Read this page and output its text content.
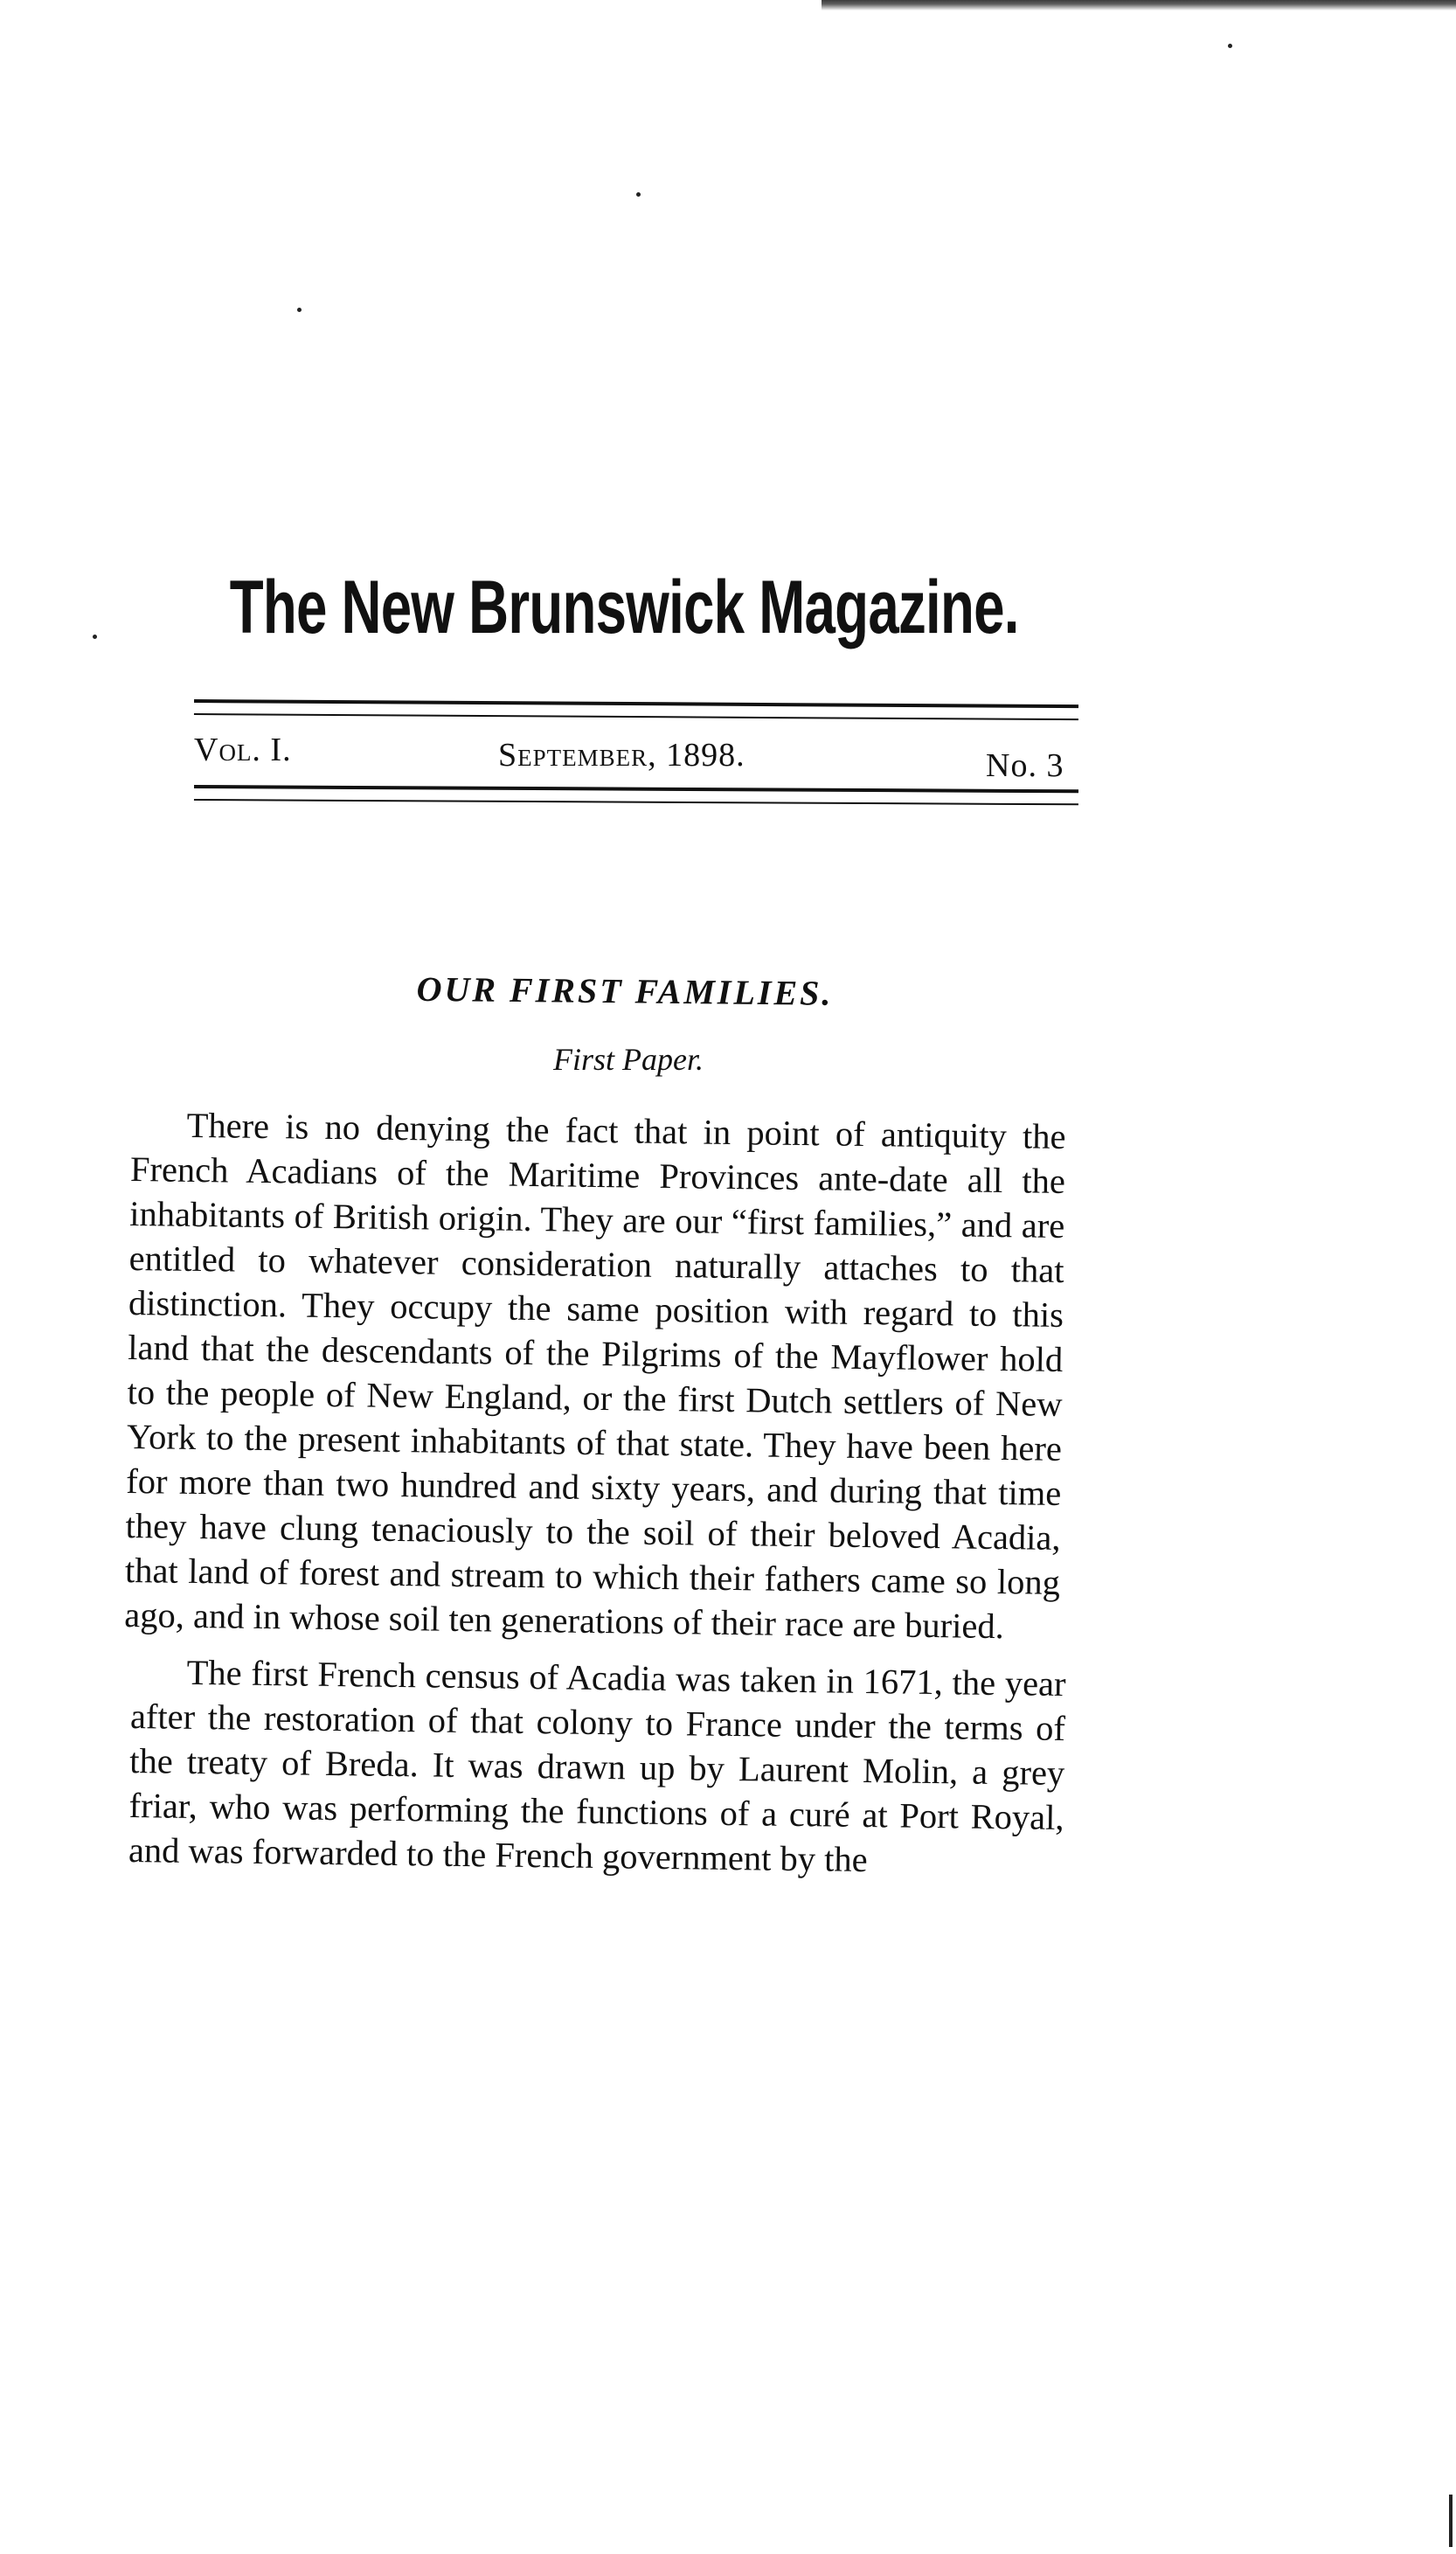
The New Brunswick Magazine.
Vol. I.	September, 1898.	No. 3
OUR FIRST FAMILIES.

First Paper.

There is no denying the fact that in point of antiquity the French Acadians of the Maritime Provinces ante-date all the inhabitants of British origin. They are our “first families,” and are entitled to whatever consideration naturally attaches to that distinction. They occupy the same position with regard to this land that the descendants of the Pilgrims of the Mayflower hold to the people of New England, or the first Dutch settlers of New York to the present inhabitants of that state. They have been here for more than two hundred and sixty years, and during that time they have clung tenaciously to the soil of their beloved Acadia, that land of forest and stream to which their fathers came so long ago, and in whose soil ten generations of their race are buried.

The first French census of Acadia was taken in 1671, the year after the restoration of that colony to France under the terms of the treaty of Breda. It was drawn up by Laurent Molin, a grey friar, who was performing the functions of a curé at Port Royal, and was forwarded to the French government by the
